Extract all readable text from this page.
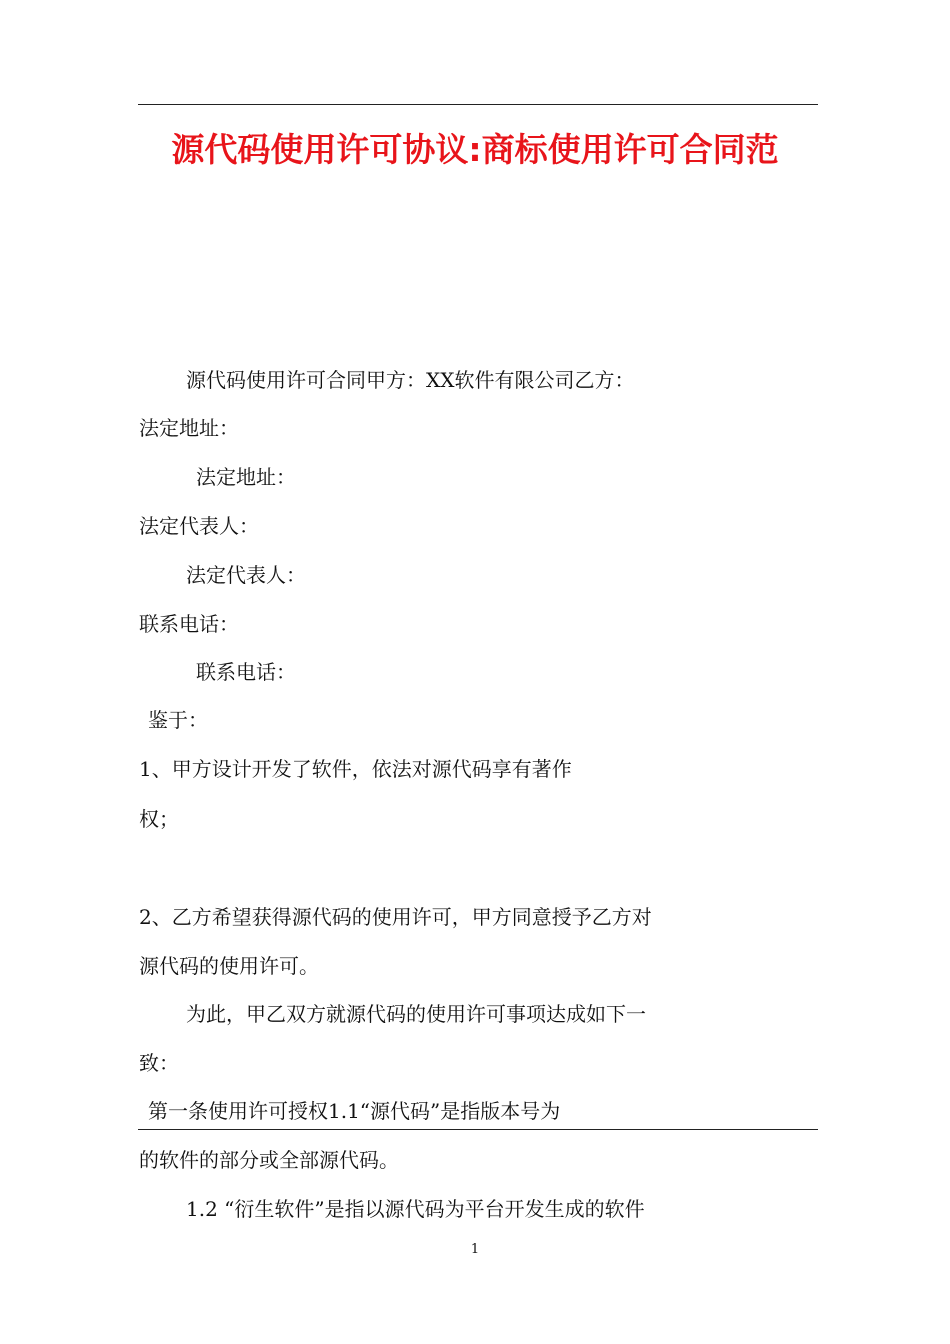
源代码使用许可协议:商标使用许可合同范
源代码使用许可合同甲方：XX软件有限公司乙方：
法定地址：
法定地址：
法定代表人：
法定代表人：
联系电话：
联系电话：
鉴于：
1、甲方设计开发了软件，依法对源代码享有著作
权；
2、乙方希望获得源代码的使用许可，甲方同意授予乙方对
源代码的使用许可。
为此，甲乙双方就源代码的使用许可事项达成如下一
致：
第一条使用许可授权1.1“源代码”是指版本号为
的软件的部分或全部源代码。
1.2 “衍生软件”是指以源代码为平台开发生成的软件
1
